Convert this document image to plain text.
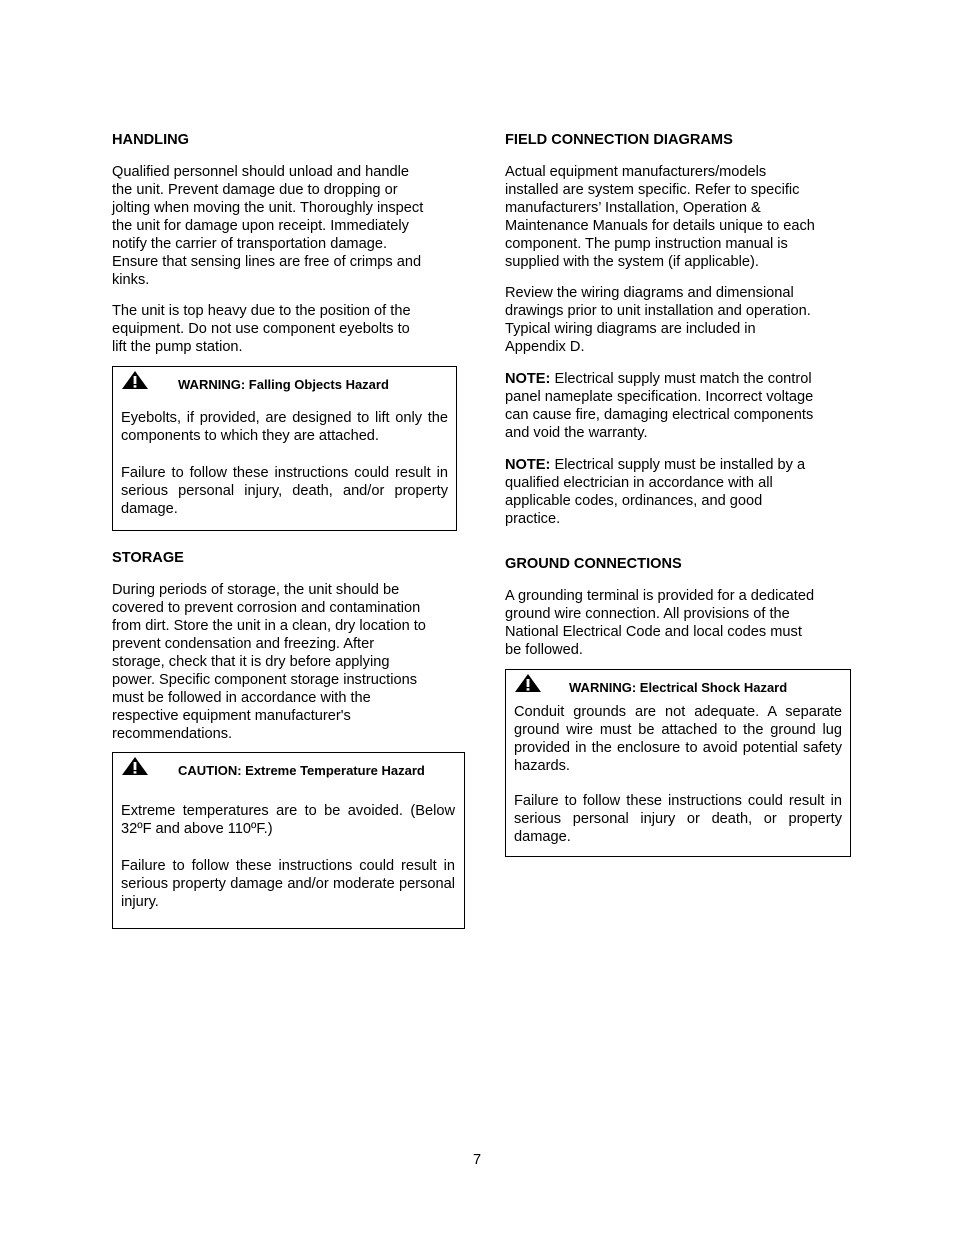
HANDLING
Qualified personnel should unload and handle
the unit. Prevent damage due to dropping or
jolting when moving the unit. Thoroughly inspect
the unit for damage upon receipt. Immediately
notify the carrier of transportation damage.
Ensure that sensing lines are free of crimps and
kinks.
The unit is top heavy due to the position of the
equipment. Do not use component eyebolts to
lift the pump station.
WARNING: Falling Objects Hazard

Eyebolts, if provided, are designed to lift only the components to which they are attached.

Failure to follow these instructions could result in serious personal injury, death, and/or property damage.

STORAGE
During periods of storage, the unit should be
covered to prevent corrosion and contamination
from dirt. Store the unit in a clean, dry location to
prevent condensation and freezing. After
storage, check that it is dry before applying
power. Specific component storage instructions
must be followed in accordance with the
respective equipment manufacturer's
recommendations.
CAUTION: Extreme Temperature Hazard

Extreme temperatures are to be avoided. (Below 32ºF and above 110ºF.)

Failure to follow these instructions could result in serious property damage and/or moderate personal injury.

FIELD CONNECTION DIAGRAMS
Actual equipment manufacturers/models
installed are system specific. Refer to specific
manufacturers’ Installation, Operation &
Maintenance Manuals for details unique to each
component. The pump instruction manual is
supplied with the system (if applicable).
Review the wiring diagrams and dimensional
drawings prior to unit installation and operation.
Typical wiring diagrams are included in
Appendix D.
NOTE: Electrical supply must match the control
panel nameplate specification. Incorrect voltage
can cause fire, damaging electrical components
and void the warranty.
NOTE: Electrical supply must be installed by a
qualified electrician in accordance with all
applicable codes, ordinances, and good
practice.
GROUND CONNECTIONS
A grounding terminal is provided for a dedicated
ground wire connection. All provisions of the
National Electrical Code and local codes must
be followed.
WARNING: Electrical Shock Hazard

Conduit grounds are not adequate. A separate ground wire must be attached to the ground lug provided in the enclosure to avoid potential safety hazards.

Failure to follow these instructions could result in serious personal injury or death, or property damage.

7
